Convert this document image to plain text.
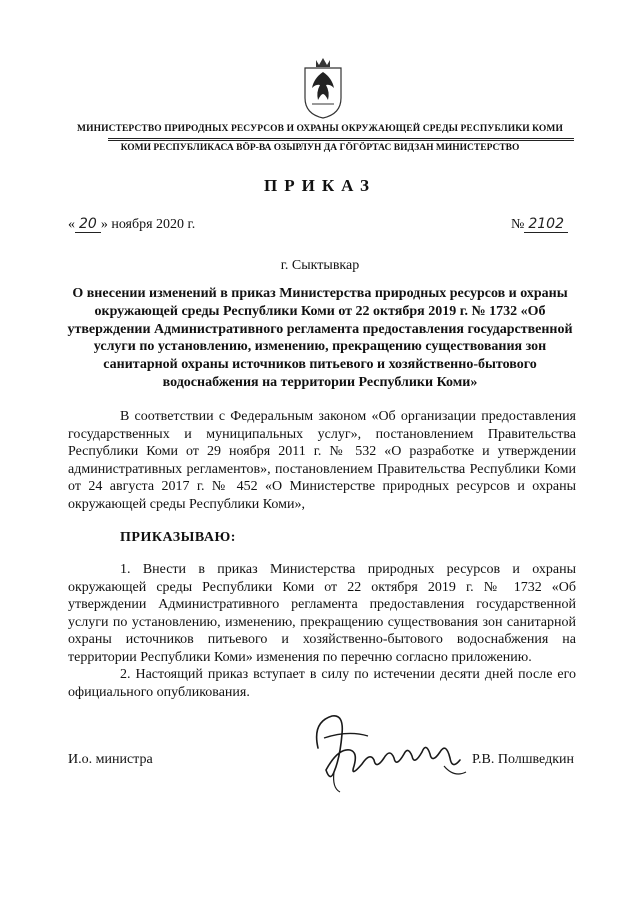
МИНИСТЕРСТВО ПРИРОДНЫХ РЕСУРСОВ И ОХРАНЫ ОКРУЖАЮЩЕЙ СРЕДЫ РЕСПУБЛИКИ КОМИ
КОМИ РЕСПУБЛИКАСА ВӦР-ВА ОЗЫРЛУН ДА ГӦГӦРТАС ВИДЗАН МИНИСТЕРСТВО
ПРИКАЗ
« 20 » ноября 2020 г.	№ 2102
г. Сыктывкар
О внесении изменений в приказ Министерства природных ресурсов и охраны окружающей среды Республики Коми от 22 октября 2019 г. № 1732 «Об утверждении Административного регламента предоставления государственной услуги по установлению, изменению, прекращению существования зон санитарной охраны источников питьевого и хозяйственно-бытового водоснабжения на территории Республики Коми»
В соответствии с Федеральным законом «Об организации предоставления государственных и муниципальных услуг», постановлением Правительства Республики Коми от 29 ноября 2011 г. № 532 «О разработке и утверждении административных регламентов», постановлением Правительства Республики Коми от 24 августа 2017 г. № 452 «О Министерстве природных ресурсов и охраны окружающей среды Республики Коми»,
ПРИКАЗЫВАЮ:
1. Внести в приказ Министерства природных ресурсов и охраны окружающей среды Республики Коми от 22 октября 2019 г. № 1732 «Об утверждении Административного регламента предоставления государственной услуги по установлению, изменению, прекращению существования зон санитарной охраны источников питьевого и хозяйственно-бытового водоснабжения на территории Республики Коми» изменения по перечню согласно приложению.
2. Настоящий приказ вступает в силу по истечении десяти дней после его официального опубликования.
И.о. министра	Р.В. Полшведкин
